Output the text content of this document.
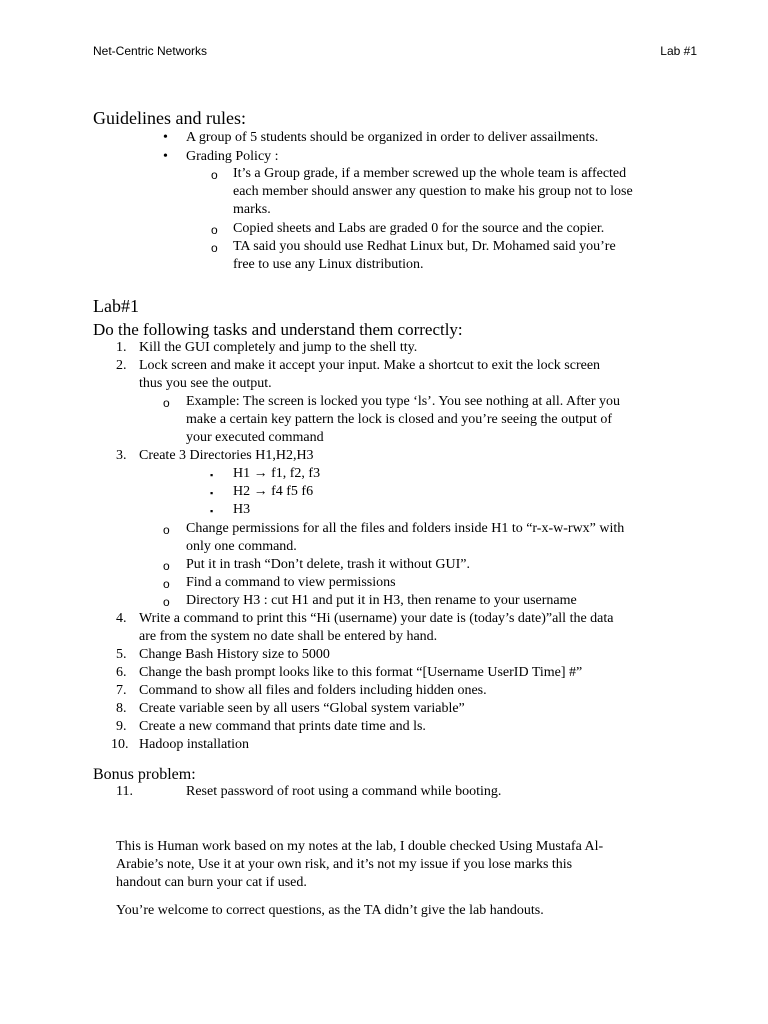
Net-Centric Networks	Lab #1
Guidelines and rules:
• A group of 5 students should be organized in order to deliver assailments.
• Grading Policy :
o It’s a Group grade, if a member screwed up the whole team is affected
each member should answer any question to make his group not to lose
marks.
o Copied sheets and Labs are graded 0 for the source and the copier.
o TA said you should use Redhat Linux but, Dr. Mohamed said you’re
free to use any Linux distribution.
Lab#1
Do the following tasks and understand them correctly:
1. Kill the GUI completely and jump to the shell tty.
2. Lock screen and make it accept your input. Make a shortcut to exit the lock screen
thus you see the output.
o Example: The screen is locked you type ‘ls’. You see nothing at all. After you
make a certain key pattern the lock is closed and you’re seeing the output of
your executed command
3. Create 3 Directories H1,H2,H3
▪ H1 → f1, f2, f3
▪ H2 → f4 f5 f6
▪ H3
o Change permissions for all the files and folders inside H1 to “r-x-w-rwx” with
only one command.
o Put it in trash “Don’t delete, trash it without GUI”.
o Find a command to view permissions
o Directory H3 : cut H1 and put it in H3, then rename to your username
4. Write a command to print this “Hi (username) your date is (today’s date)”all the data
are from the system no date shall be entered by hand.
5. Change Bash History size to 5000
6. Change the bash prompt looks like to this format “[Username UserID Time] #”
7. Command to show all files and folders including hidden ones.
8. Create variable seen by all users “Global system variable”
9. Create a new command that prints date time and ls.
10. Hadoop installation
Bonus problem:
11.	Reset password of root using a command while booting.
This is Human work based on my notes at the lab, I double checked Using Mustafa Al-
Arabie’s note, Use it at your own risk, and it’s not my issue if you lose marks this
handout can burn your cat if used.
You’re welcome to correct questions, as the TA didn’t give the lab handouts.
